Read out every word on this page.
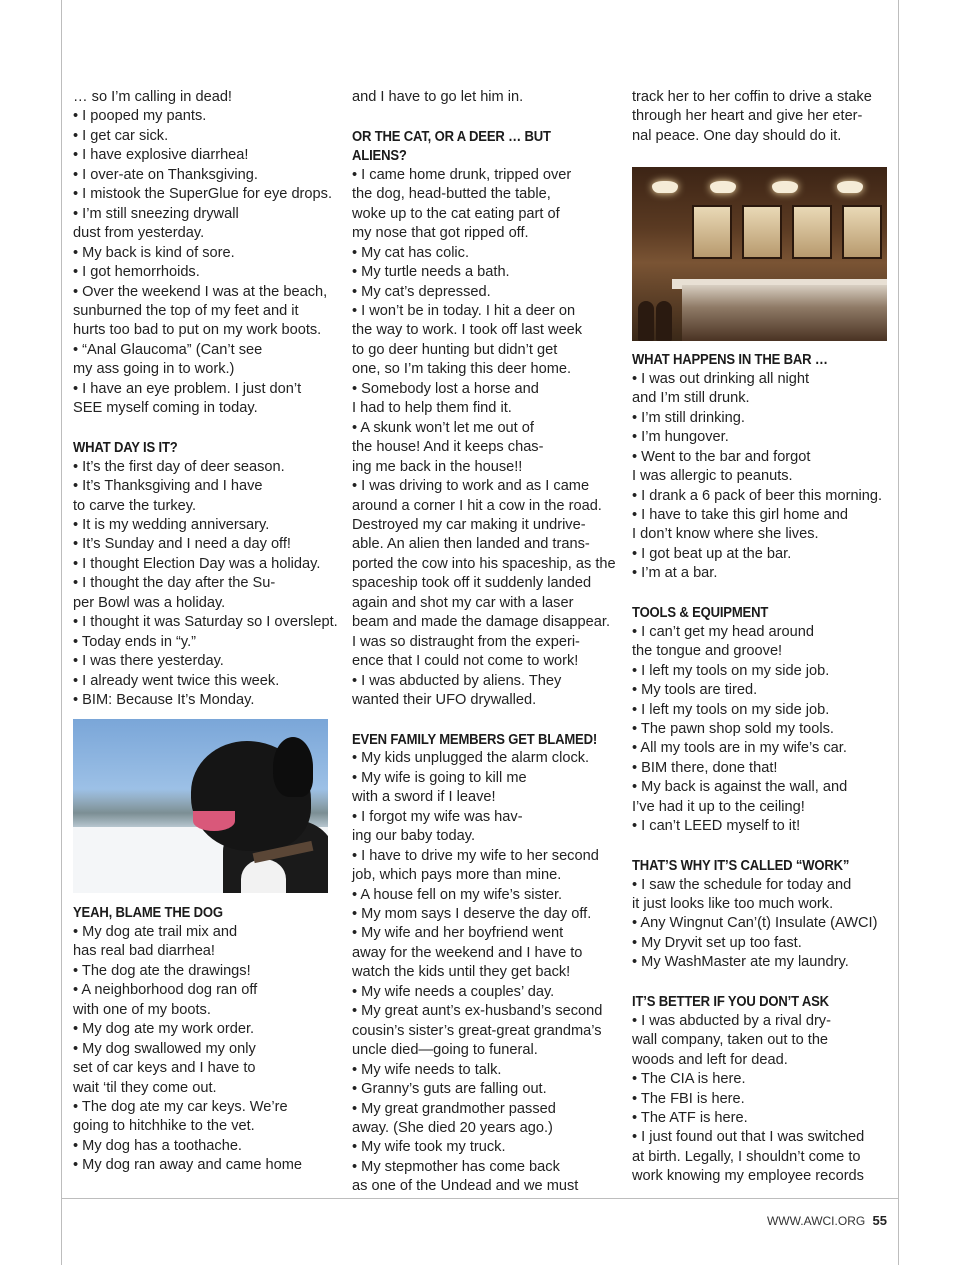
… so I’m calling in dead!
• I pooped my pants.
• I get car sick.
• I have explosive diarrhea!
• I over-ate on Thanksgiving.
• I mistook the SuperGlue for eye drops.
• I’m still sneezing drywall
dust from yesterday.
• My back is kind of sore.
• I got hemorrhoids.
• Over the weekend I was at the beach,
sunburned the top of my feet and it
hurts too bad to put on my work boots.
• “Anal Glaucoma” (Can’t see
my ass going in to work.)
• I have an eye problem. I just don’t
SEE myself coming in today.
WHAT DAY IS IT?
• It’s the first day of deer season.
• It’s Thanksgiving and I have
to carve the turkey.
• It is my wedding anniversary.
• It’s Sunday and I need a day off!
• I thought Election Day was a holiday.
• I thought the day after the Su-
per Bowl was a holiday.
• I thought it was Saturday so I overslept.
• Today ends in “y.”
• I was there yesterday.
• I already went twice this week.
• BIM: Because It’s Monday.
YEAH, BLAME THE DOG
• My dog ate trail mix and
has real bad diarrhea!
• The dog ate the drawings!
• A neighborhood dog ran off
with one of my boots.
• My dog ate my work order.
• My dog swallowed my only
set of car keys and I have to
wait ‘til they come out.
• The dog ate my car keys. We’re
going to hitchhike to the vet.
• My dog has a toothache.
• My dog ran away and came home
and I have to go let him in.
OR THE CAT, OR A DEER … BUT
ALIENS?
• I came home drunk, tripped over
the dog, head-butted the table,
woke up to the cat eating part of
my nose that got ripped off.
• My cat has colic.
• My turtle needs a bath.
• My cat’s depressed.
• I won’t be in today. I hit a deer on
the way to work. I took off last week
to go deer hunting but didn’t get
one, so I’m taking this deer home.
• Somebody lost a horse and
I had to help them find it.
• A skunk won’t let me out of
the house! And it keeps chas-
ing me back in the house!!
• I was driving to work and as I came
around a corner I hit a cow in the road.
Destroyed my car making it undrive-
able. An alien then landed and trans-
ported the cow into his spaceship, as the
spaceship took off it suddenly landed
again and shot my car with a laser
beam and made the damage disappear.
I was so distraught from the experi-
ence that I could not come to work!
• I was abducted by aliens. They
wanted their UFO drywalled.
EVEN FAMILY MEMBERS GET BLAMED!
• My kids unplugged the alarm clock.
• My wife is going to kill me
with a sword if I leave!
• I forgot my wife was hav-
ing our baby today.
• I have to drive my wife to her second
job, which pays more than mine.
• A house fell on my wife’s sister.
• My mom says I deserve the day off.
• My wife and her boyfriend went
away for the weekend and I have to
watch the kids until they get back!
• My wife needs a couples’ day.
• My great aunt’s ex-husband’s second
cousin’s sister’s great-great grandma’s
uncle died—going to funeral.
• My wife needs to talk.
• Granny’s guts are falling out.
• My great grandmother passed
away. (She died 20 years ago.)
• My wife took my truck.
• My stepmother has come back
as one of the Undead and we must
track her to her coffin to drive a stake
through her heart and give her eter-
nal peace. One day should do it.
WHAT HAPPENS IN THE BAR …
• I was out drinking all night
and I’m still drunk.
• I’m still drinking.
• I’m hungover.
• Went to the bar and forgot
I was allergic to peanuts.
• I drank a 6 pack of beer this morning.
• I have to take this girl home and
I don’t know where she lives.
• I got beat up at the bar.
• I’m at a bar.
TOOLS & EQUIPMENT
• I can’t get my head around
the tongue and groove!
• I left my tools on my side job.
• My tools are tired.
• I left my tools on my side job.
• The pawn shop sold my tools.
• All my tools are in my wife’s car.
• BIM there, done that!
• My back is against the wall, and
I’ve had it up to the ceiling!
• I can’t LEED myself to it!
THAT’S WHY IT’S CALLED “WORK”
• I saw the schedule for today and
it just looks like too much work.
• Any Wingnut Can’(t) Insulate (AWCI)
• My Dryvit set up too fast.
• My WashMaster ate my laundry.
IT’S BETTER IF YOU DON’T ASK
• I was abducted by a rival dry-
wall company, taken out to the
woods and left for dead.
• The CIA is here.
• The FBI is here.
• The ATF is here.
• I just found out that I was switched
at birth. Legally, I shouldn’t come to
work knowing my employee records
WWW.AWCI.ORG 55
